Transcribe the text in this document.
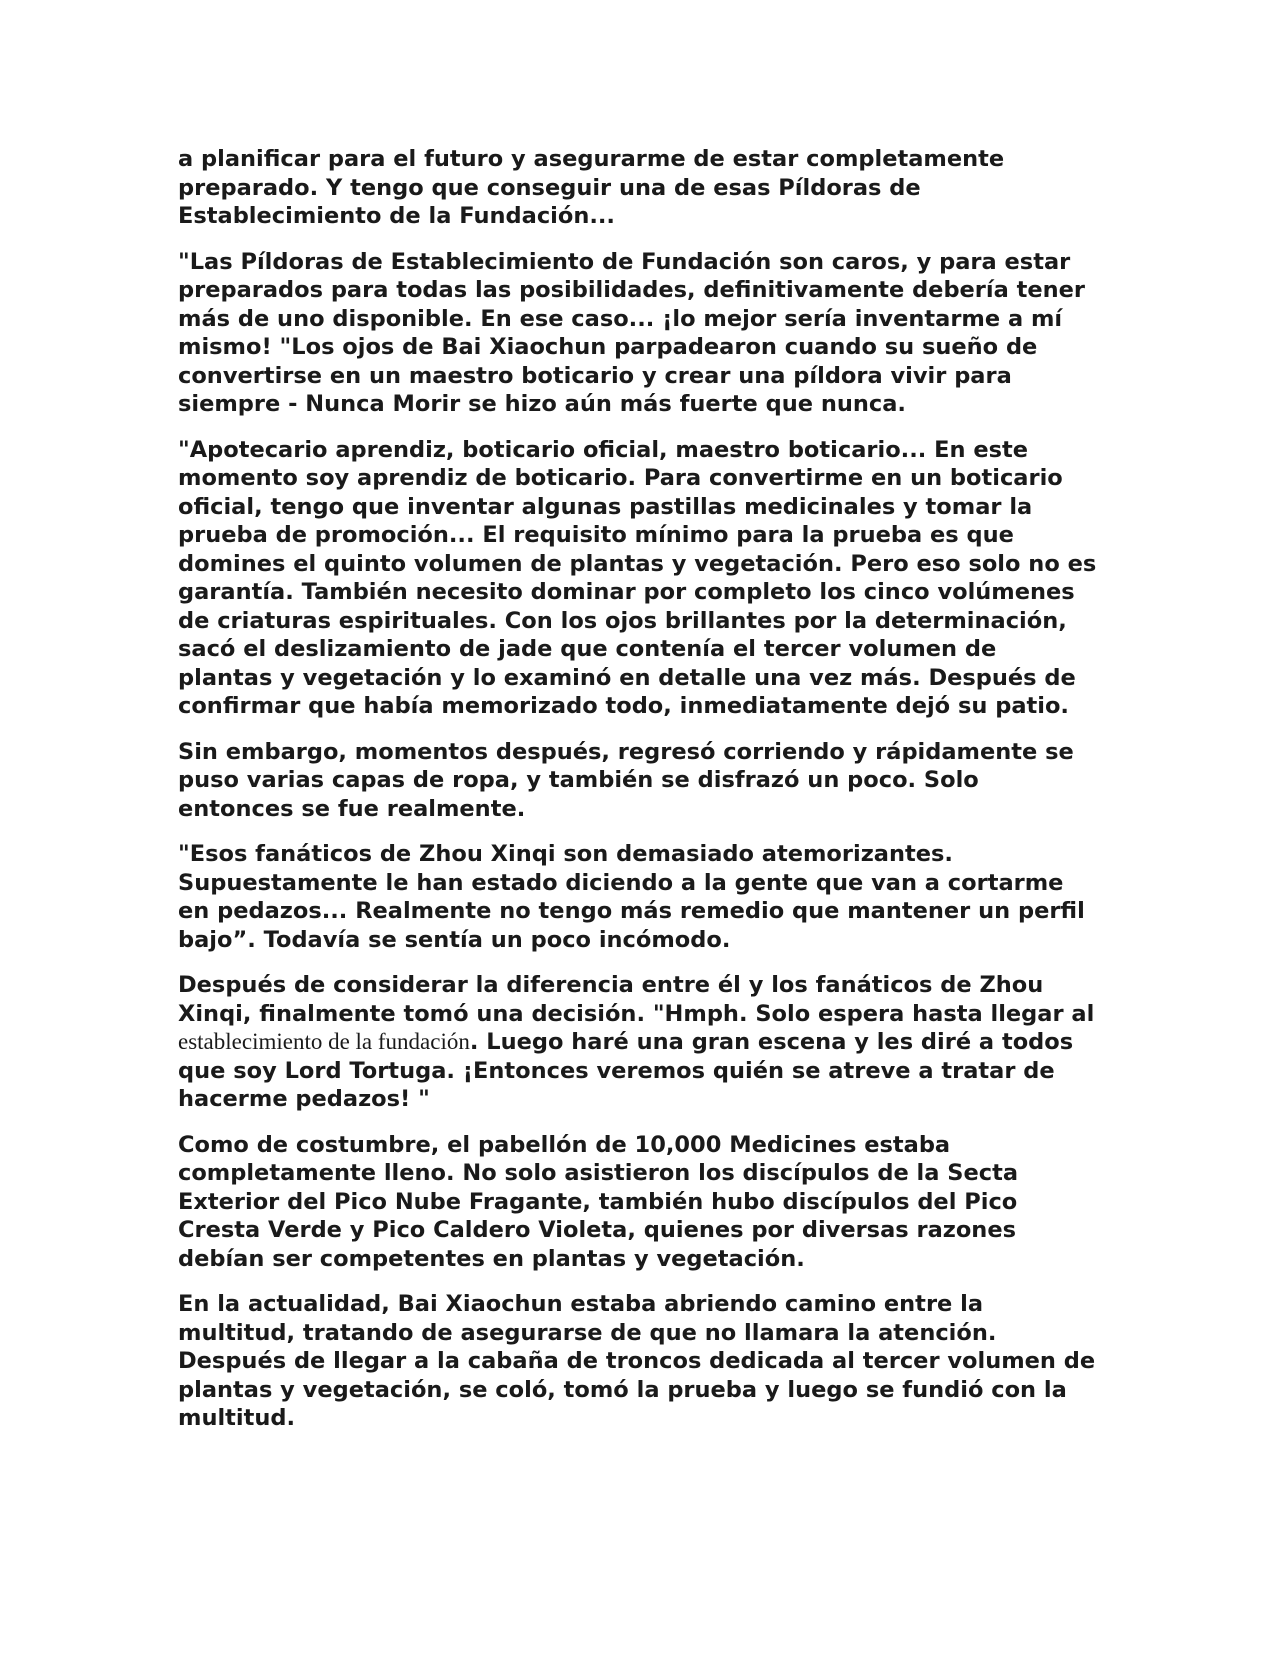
a planificar para el futuro y asegurarme de estar completamente preparado. Y tengo que conseguir una de esas Píldoras de Establecimiento de la Fundación...

"Las Píldoras de Establecimiento de Fundación son caros, y para estar preparados para todas las posibilidades, definitivamente debería tener más de uno disponible. En ese caso... ¡lo mejor sería inventarme a mí mismo! "Los ojos de Bai Xiaochun parpadearon cuando su sueño de convertirse en un maestro boticario y crear una píldora vivir para siempre - Nunca Morir se hizo aún más fuerte que nunca.

"Apotecario aprendiz, boticario oficial, maestro boticario... En este momento soy aprendiz de boticario. Para convertirme en un boticario oficial, tengo que inventar algunas pastillas medicinales y tomar la prueba de promoción... El requisito mínimo para la prueba es que domines el quinto volumen de plantas y vegetación. Pero eso solo no es garantía. También necesito dominar por completo los cinco volúmenes de criaturas espirituales. Con los ojos brillantes por la determinación, sacó el deslizamiento de jade que contenía el tercer volumen de plantas y vegetación y lo examinó en detalle una vez más. Después de confirmar que había memorizado todo, inmediatamente dejó su patio.

Sin embargo, momentos después, regresó corriendo y rápidamente se puso varias capas de ropa, y también se disfrazó un poco. Solo entonces se fue realmente.

"Esos fanáticos de Zhou Xinqi son demasiado atemorizantes. Supuestamente le han estado diciendo a la gente que van a cortarme en pedazos... Realmente no tengo más remedio que mantener un perfil bajo”. Todavía se sentía un poco incómodo.

Después de considerar la diferencia entre él y los fanáticos de Zhou Xinqi, finalmente tomó una decisión. "Hmph. Solo espera hasta llegar al establecimiento de la fundación. Luego haré una gran escena y les diré a todos que soy Lord Tortuga. ¡Entonces veremos quién se atreve a tratar de hacerme pedazos! "

Como de costumbre, el pabellón de 10,000 Medicines estaba completamente lleno. No solo asistieron los discípulos de la Secta Exterior del Pico Nube Fragante, también hubo discípulos del Pico Cresta Verde y Pico Caldero Violeta, quienes por diversas razones debían ser competentes en plantas y vegetación.

En la actualidad, Bai Xiaochun estaba abriendo camino entre la multitud, tratando de asegurarse de que no llamara la atención. Después de llegar a la cabaña de troncos dedicada al tercer volumen de plantas y vegetación, se coló, tomó la prueba y luego se fundió con la multitud.
